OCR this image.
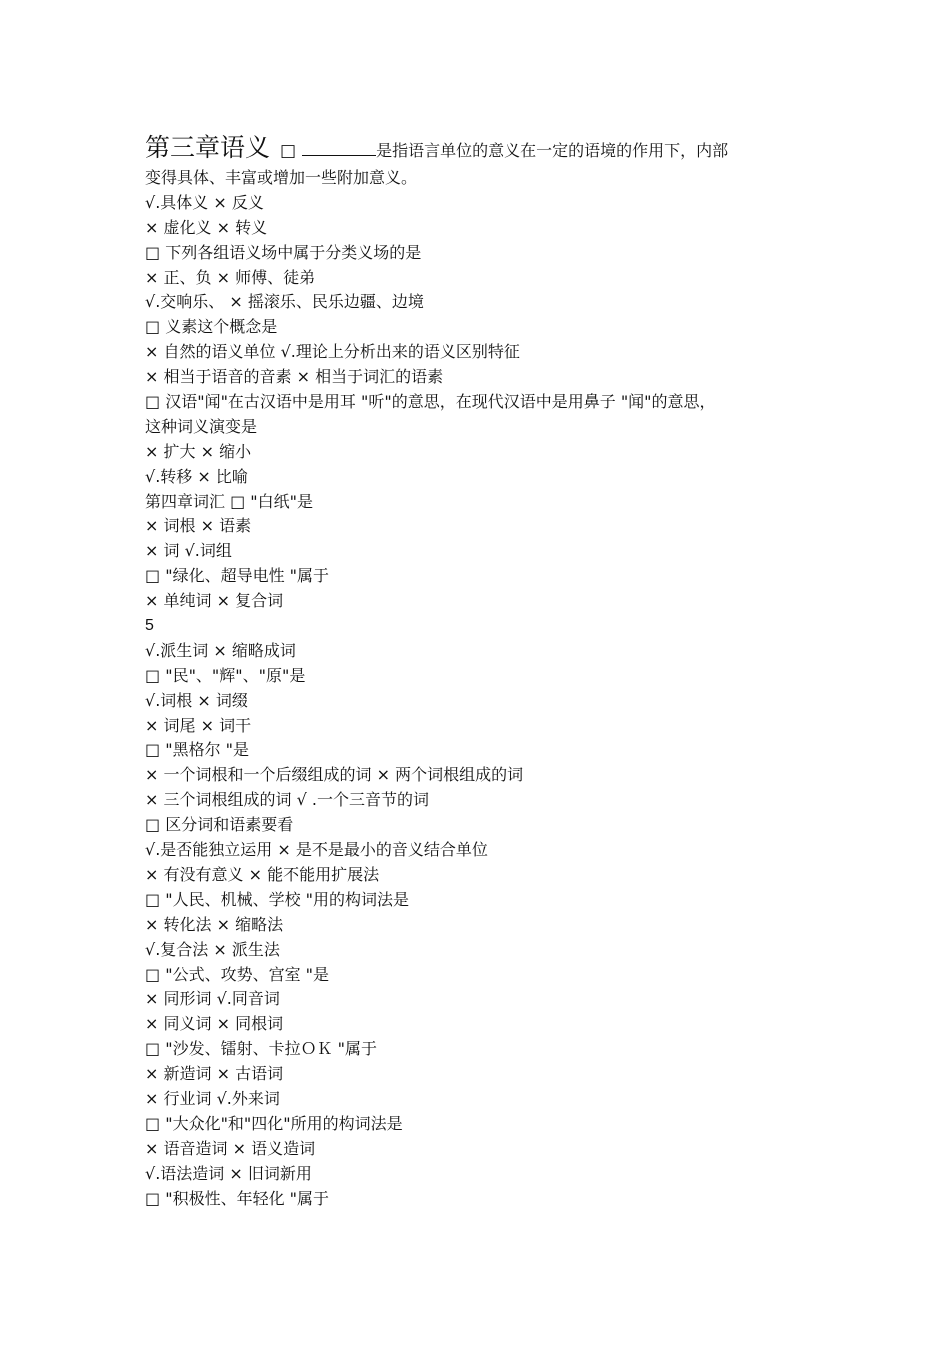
第三章语义 □	是指语言单位的意义在一定的语境的作用下，内部
变得具体、丰富或增加一些附加意义。
√.具体义 × 反义
× 虚化义 × 转义
□ 下列各组语义场中属于分类义场的是
× 正、负 × 师傅、徒弟
√.交响乐、 × 摇滚乐、民乐边疆、边境
□ 义素这个概念是
× 自然的语义单位 √.理论上分析出来的语义区别特征
× 相当于语音的音素 × 相当于词汇的语素
□ 汉语"闻"在古汉语中是用耳 "听"的意思，在现代汉语中是用鼻子 "闻"的意思，
这种词义演变是
× 扩大 × 缩小
√.转移 × 比喻
第四章词汇 □ "白纸"是
× 词根 × 语素
× 词 √.词组
□ "绿化、超导电性 "属于
× 单纯词 × 复合词
5
√.派生词 × 缩略成词
□ "民"、"辉"、"原"是
√.词根 × 词缀
× 词尾 × 词干
□ "黑格尔 "是
× 一个词根和一个后缀组成的词 × 两个词根组成的词
× 三个词根组成的词 √ .一个三音节的词
□ 区分词和语素要看
√.是否能独立运用 × 是不是最小的音义结合单位
× 有没有意义 × 能不能用扩展法
□ "人民、机械、学校 "用的构词法是
× 转化法 × 缩略法
√.复合法 × 派生法
□ "公式、攻势、宫室 "是
× 同形词 √.同音词
× 同义词 × 同根词
□ "沙发、镭射、卡拉ＯＫ "属于
× 新造词 × 古语词
× 行业词 √.外来词
□ "大众化"和"四化"所用的构词法是
× 语音造词 × 语义造词
√.语法造词 × 旧词新用
□ "积极性、年轻化 "属于
